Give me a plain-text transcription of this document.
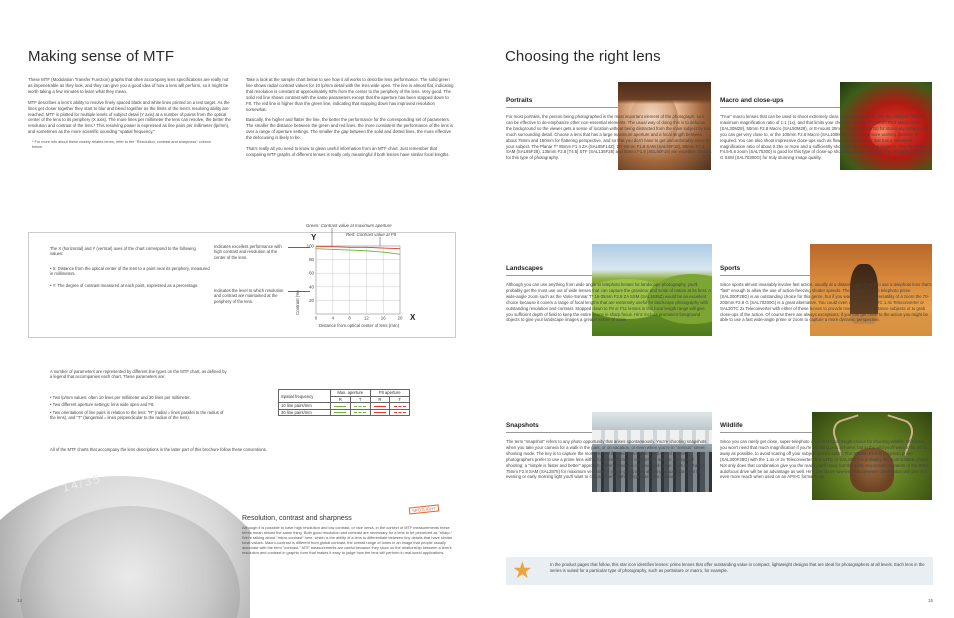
Making sense of MTF

These MTF (Modulation Transfer Function) graphs that often accompany lens specifications are really not as impenetrable as they look, and they can give you a good idea of how a lens will perform, so it might be worth taking a few minutes to learn what they mean.

MTF describes a lens's ability to resolve finely spaced black and white lines printed on a test target. As the lines get closer together they start to blur and blend together as the limits of the lens's resolving ability are reached. MTF is plotted for multiple levels of subject detail (Y axis) at a number of points from the optical center of the lens to its periphery (X axis). The more lines per millimeter the lens can resolve, the better the resolution and contrast of the lens.* This resolving power is expressed as line pairs per millimeter (lp/mm), and sometimes as the more scientific sounding "spatial frequency."

* For more info about these closely related terms, refer to the "Resolution, contrast and sharpness" column below.

Take a look at the sample chart below to see how it all works to describe lens performance. The solid green line shows radial contrast values for 10 lp/mm detail with the lens wide open. The line is almost flat, indicating that resolution is constant at approximately 93% from the center to the periphery of the lens. Very good. The solid red line shows contrast with the same parameters except that the aperture has been stopped down to F8. The red line is higher than the green line, indicating that stopping down has improved resolution somewhat.

Basically, the higher and flatter the line, the better the performance for the corresponding set of parameters. The smaller the distance between the green and red lines, the more consistent the performance of the lens is over a range of aperture settings. The smaller the gap between the solid and dotted lines, the more effective the defocusing is likely to be.

That's really all you need to know to glean useful information from an MTF chart. Just remember that comparing MTF graphs of different lenses is really only meaningful if both lenses have similar focal lengths.

The X (horizontal) and Y (vertical) axes of the chart correspond to the following values:
• X: Distance from the optical center of the lens to a point near its periphery, measured in millimeters.
• Y: The degree of contrast measured at each point, expressed as a percentage.
Indicates excellent performance with high contrast and resolution at the center of the lens.
Indicates the level to which resolution and contrast are maintained at the periphery of the lens.
100
80
60
40
20
0	4	8	12	16	20
Green: Contrast value at maximum aperture
Red: Contrast value at F8
Y
X
Contrast (%)
Distance from optical center of lens (mm)
A number of parameters are represented by different line types on the MTF chart, as defined by a legend that accompanies each chart. These parameters are:
• Two lp/mm values: often 10 lines per millimeter and 30 lines per millimeter.
• Two different aperture settings: lens wide open and F8.
• Two orientations of line pairs in relation to the lens: "R" (radial = lines parallel to the radius of the lens), and "T" (tangential = lines perpendicular to the radius of the lens).
All of the MTF charts that accompany the lens descriptions in the latter part of this brochure follow these conventions.
Spatial frequency	Max. aperture		F8 aperture	
	R	T	R	T
10 line pairs/mm				
30 line pairs/mm				
14/35
Resolution, contrast and sharpness
Although it is possible to have high resolution and low contrast, or vice versa, in the context of MTF measurements these terms mean almost the same thing. Both good resolution and contrast are necessary for a lens to be perceived as "sharp." We're talking about "micro-contrast" here, which is the ability of a lens to differentiate between tiny details that have similar tonal values. Macro-contrast is different from global contrast, the overall range of tones in an image that people usually associate with the term "contrast." MTF measurements are useful because they show us the relationship between a lens's resolution and contrast in graphic form that makes it easy to judge how the lens will perform in real-world applications.
SPOTLIGHT
14
Choosing the right lens
Portraits
For most portraits, the person being photographed is the most important element of the photograph, so it can be effective to de-emphasize other non-essential elements. The usual way of doing this is to defocus the background so the viewer gets a sense of location without being distracted from the main subject by too much surrounding detail. Choose a lens that has a large maximum aperture and a focal length between about 75mm and 150mm for flattering perspective, and so that you don't have to get uncomfortably close to your subject. The Planar T* 85mm F1.4 ZA (SAL85F14Z), DT 50mm F1.8 SAM (SAL50F18), 85mm F2.8 SAM (SAL85F28), 135mm F2.8 [T4.5] STF (SAL135F28) and 50mm F1.8 (SEL50F18) are excellent choices for this type of photography.
Macro and close-ups
"True" macro lenses that can be used to shoot extremely clear, detailed images of very tiny subjects have a maximum magnification ratio of 1:1 (1x), and that limits your choices. Use the DT 30mm F2.8 Macro SAM (SAL30M28), 50mm F2.8 Macro (SAL50M28), or E-mount 30mm F3.5 (SEL30M35) for stationary subjects that you can get very close to, or the 100mm F2.8 Macro (SAL100M28) where a bit more working distance is required. You can also shoot impressive close-ups such as flowers with any lens that has a maximum magnification ratio of about 0.25x or more and a sufficiently short minimum focusing distance. The 75-300mm F4.5-5.6 zoom (SAL75300) is good for this type of close-up shooting, or you could use the 70-300mm F4.5-5.6 G SSM (SAL70300G) for truly stunning image quality.
Landscapes
Although you can use anything from wide angle to telephoto lenses for landscape photography, you'll probably get the most use out of wide lenses that can capture the grandeur and scale of nature at its best. A wide-angle zoom such as the Vario-Sonnar T* 16-35mm F2.8 ZA SSM (SAL1635Z) would be an excellent choice because it covers a range of focal lengths that are extremely useful for landscape photography with outstanding resolution and contrast. Stopped down to F8 or F11 lenses in this focal length range will give you sufficient depth of field to keep the entire scene in sharp focus. Hint: include prominent foreground objects to give your landscape images a greater sense of scale.
Sports
Since sports almost invariably involve fast action, usually at a distance, you'll want to use a telephoto lens that's "fast" enough to allow the use of action-freezing shutter speeds. The 300mm F2.8 G telephoto prime (SAL300F28G) is an outstanding choice for this genre, but if you want the framing versatility of a zoom the 70-200mm F2.8 G (SAL70200G) is a great alternative. You could even use the SAL14TC 1.4x Teleconverter or SAL20TC 2x Teleconverter with either of these lenses to provide more reach for distance subjects or to grab close-ups of the action. Of course there are always exceptions: if you can get close to the action you might be able to use a fast wide-angle prime or zoom to capture a more dynamic perspective.
Snapshots
The term "snapshot" refers to any photo opportunity that arises spontaneously. You're shooting snapshots when you take your camera for a walk in the park, or on vacation, or even when you're in "serious" street-shooting mode. The key is to capture the moment, and that requires mobility and speed. Some photographers prefer to use a prime lens with a focal length they're comfortable with for this type of shooting: a "simple is faster and better" approach. Others choose a compact mid-range zoom like the 28-75mm F2.8 SAM (SAL2875) for maximum versatility. If you're going to be shooting snaps indoors or in evening or early morning light you'll want to choose a lens with a large maximum aperture.
Wildlife
Since you can rarely get close, super-telephoto is the first focal length choice for shooting wildlife. Of course you won't need that much magnification if you're shooting pets at home, but in the wild you'll want to be as far away as possible, to avoid scaring off your subject and for safety. The 300mm F2.8 G telephoto prime (SAL300F28G) with the 1.4x or 2x Teleconverter (SAL14TC or SAL20TC) is probably the most suitable choice. Not only does that combination give you the reach you'll need, but the quiet, responsive operation of the SSM autofocus drive will be an advantage as well. Hint: the above two-lens/teleconverter combination will give you even more reach when used on an APS-C format body.
★	In the product pages that follow, this star icon identifies lenses: prime lenses that offer outstanding value in compact, lightweight designs that are ideal for photographers at all levels. Each lens in the series is suited for a particular type of photography, such as portraiture or macro, for example.
15
